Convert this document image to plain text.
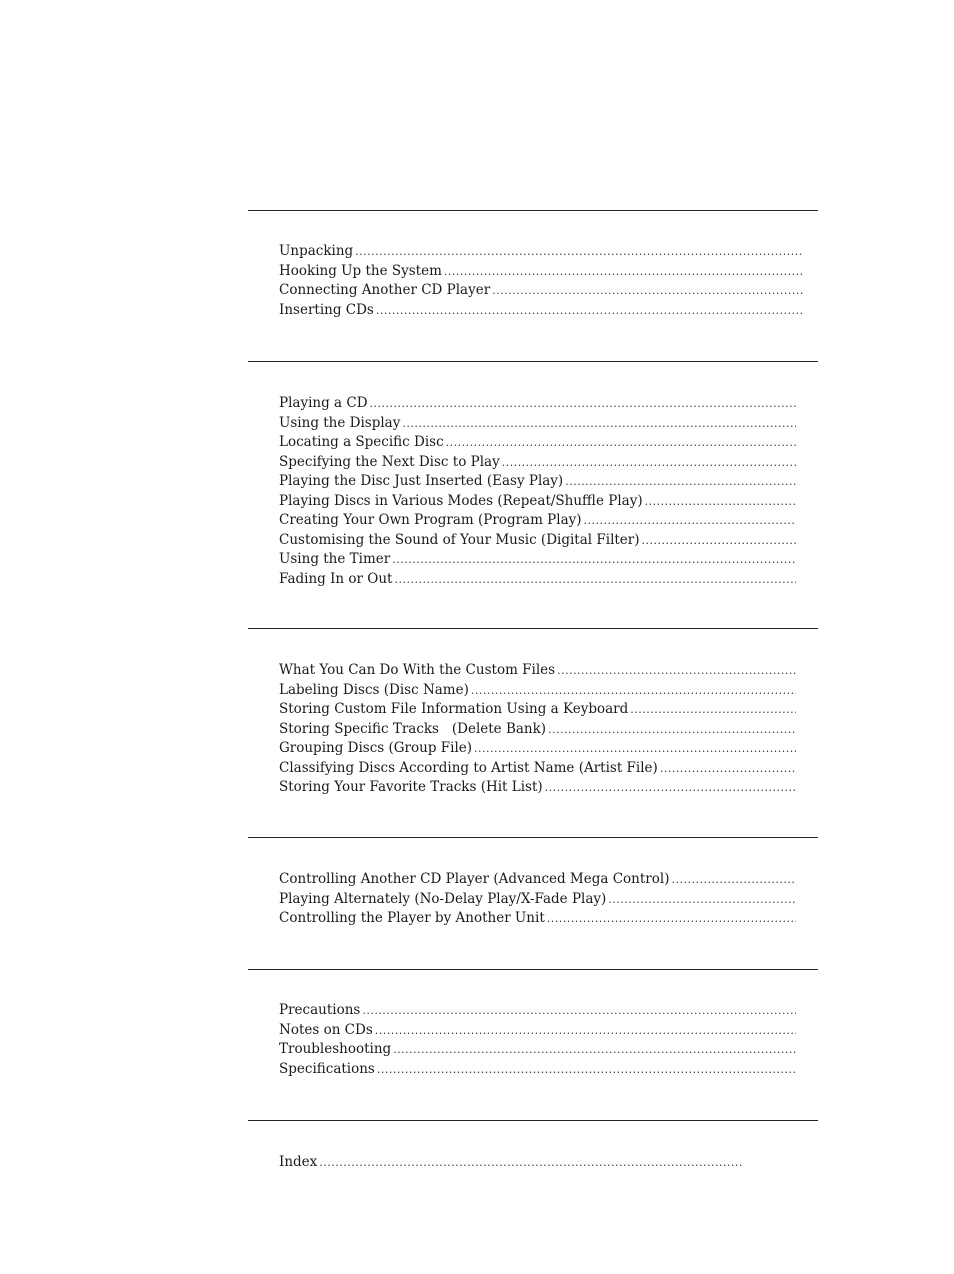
Unpacking
.....
Hooking Up the System
.....
Connecting Another CD Player
.....
Inserting CDs
.....
Playing a CD
.....
Using the Display
.....
Locating a Specific Disc
.....
Specifying the Next Disc to Play
.....
Playing the Disc Just Inserted (Easy Play)
.....
Playing Discs in Various Modes (Repeat/Shuffle Play)
.....
Creating Your Own Program (Program Play)
.....
Customising the Sound of Your Music (Digital Filter)
.....
Using the Timer
.....
Fading In or Out
.....
What You Can Do With the Custom Files
.....
Labeling Discs (Disc Name)
.....
Storing Custom File Information Using a Keyboard
.....
Storing Specific Tracks   (Delete Bank)
.....
Grouping Discs (Group File)
.....
Classifying Discs According to Artist Name (Artist File)
.....
Storing Your Favorite Tracks (Hit List)
.....
Controlling Another CD Player (Advanced Mega Control)
.....
Playing Alternately (No-Delay Play/X-Fade Play)
.....
Controlling the Player by Another Unit
.....
Precautions
.....
Notes on CDs
.....
Troubleshooting
.....
Specifications
.....
Index
.....
